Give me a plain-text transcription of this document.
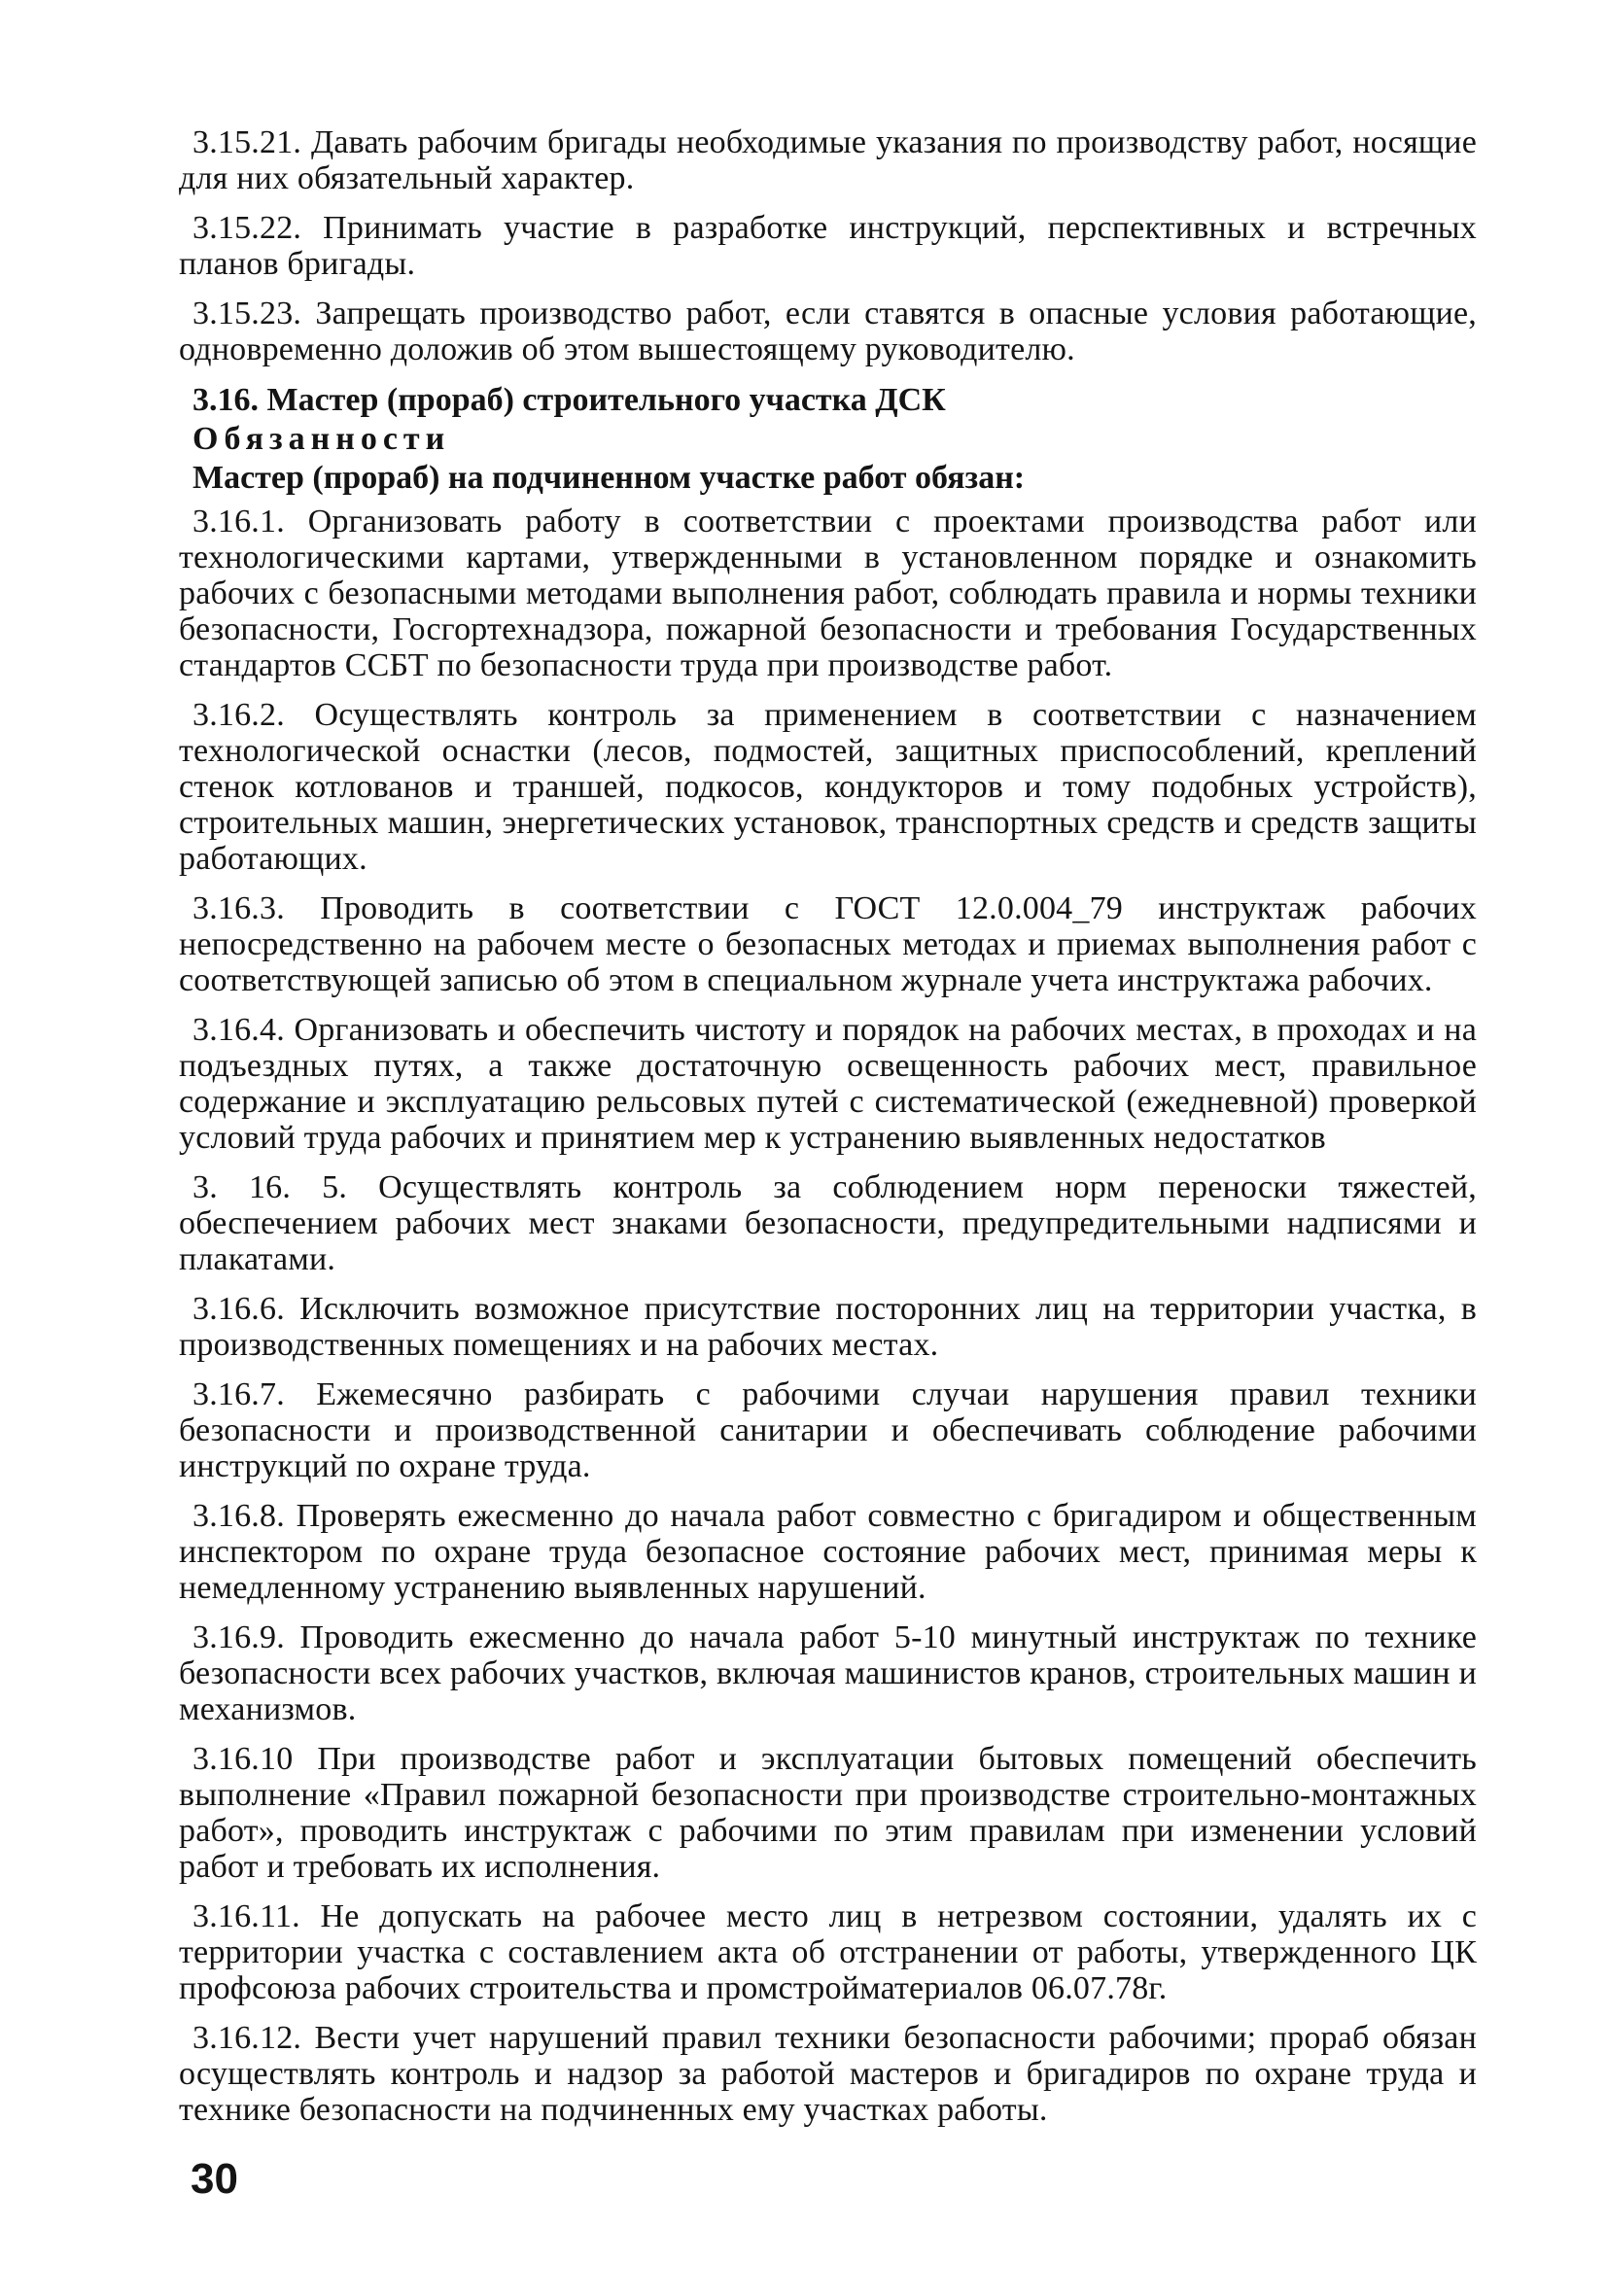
3.15.21. Давать рабочим бригады необходимые указания по производству работ, носящие для них обязательный характер.

3.15.22. Принимать участие в разработке инструкций, перспективных и встречных планов бригады.

3.15.23. Запрещать производство работ, если ставятся в опасные условия работающие, одновременно доложив об этом вышестоящему руководителю.

3.16. Мастер (прораб) строительного участка ДСК
Обязанности
Мастер (прораб) на подчиненном участке работ обязан:

3.16.1. Организовать работу в соответствии с проектами производства работ или технологическими картами, утвержденными в установленном порядке и ознакомить рабочих с безопасными методами выполнения работ, соблюдать правила и нормы техники безопасности, Госгортехнадзора, пожарной безопасности и требования Государственных стандартов ССБТ по безопасности труда при производстве работ.

3.16.2. Осуществлять контроль за применением в соответствии с назначением технологической оснастки (лесов, подмостей, защитных приспособлений, креплений стенок котлованов и траншей, подкосов, кондукторов и тому подобных устройств), строительных машин, энергетических установок, транспортных средств и средств защиты работающих.

3.16.3. Проводить в соответствии с ГОСТ 12.0.004_79 инструктаж рабочих непосредственно на рабочем месте о безопасных методах и приемах выполнения работ с соответствующей записью об этом в специальном журнале учета инструктажа рабочих.

3.16.4. Организовать и обеспечить чистоту и порядок на рабочих местах, в проходах и на подъездных путях, а также достаточную освещенность рабочих мест, правильное содержание и эксплуатацию рельсовых путей с систематической (ежедневной) проверкой условий труда рабочих и принятием мер к устранению выявленных недостатков

3. 16. 5. Осуществлять контроль за соблюдением норм переноски тяжестей, обеспечением рабочих мест знаками безопасности, предупредительными надписями и плакатами.

3.16.6. Исключить возможное присутствие посторонних лиц на территории участка, в производственных помещениях и на рабочих местах.

3.16.7. Ежемесячно разбирать с рабочими случаи нарушения правил техники безопасности и производственной санитарии и обеспечивать соблюдение рабочими инструкций по охране труда.

3.16.8. Проверять ежесменно до начала работ совместно с бригадиром и общественным инспектором по охране труда безопасное состояние рабочих мест, принимая меры к немедленному устранению выявленных нарушений.

3.16.9. Проводить ежесменно до начала работ 5-10 минутный инструктаж по технике безопасности всех рабочих участков, включая машинистов кранов, строительных машин и механизмов.

3.16.10 При производстве работ и эксплуатации бытовых помещений обеспечить выполнение «Правил пожарной безопасности при производстве строительно-монтажных работ», проводить инструктаж с рабочими по этим правилам при изменении условий работ и требовать их исполнения.

3.16.11. Не допускать на рабочее место лиц в нетрезвом состоянии, удалять их с территории участка с составлением акта об отстранении от работы, утвержденного ЦК профсоюза рабочих строительства и промстройматериалов 06.07.78г.

3.16.12. Вести учет нарушений правил техники безопасности рабочими; прораб обязан осуществлять контроль и надзор за работой мастеров и бригадиров по охране труда и технике безопасности на подчиненных ему участках работы.

30
